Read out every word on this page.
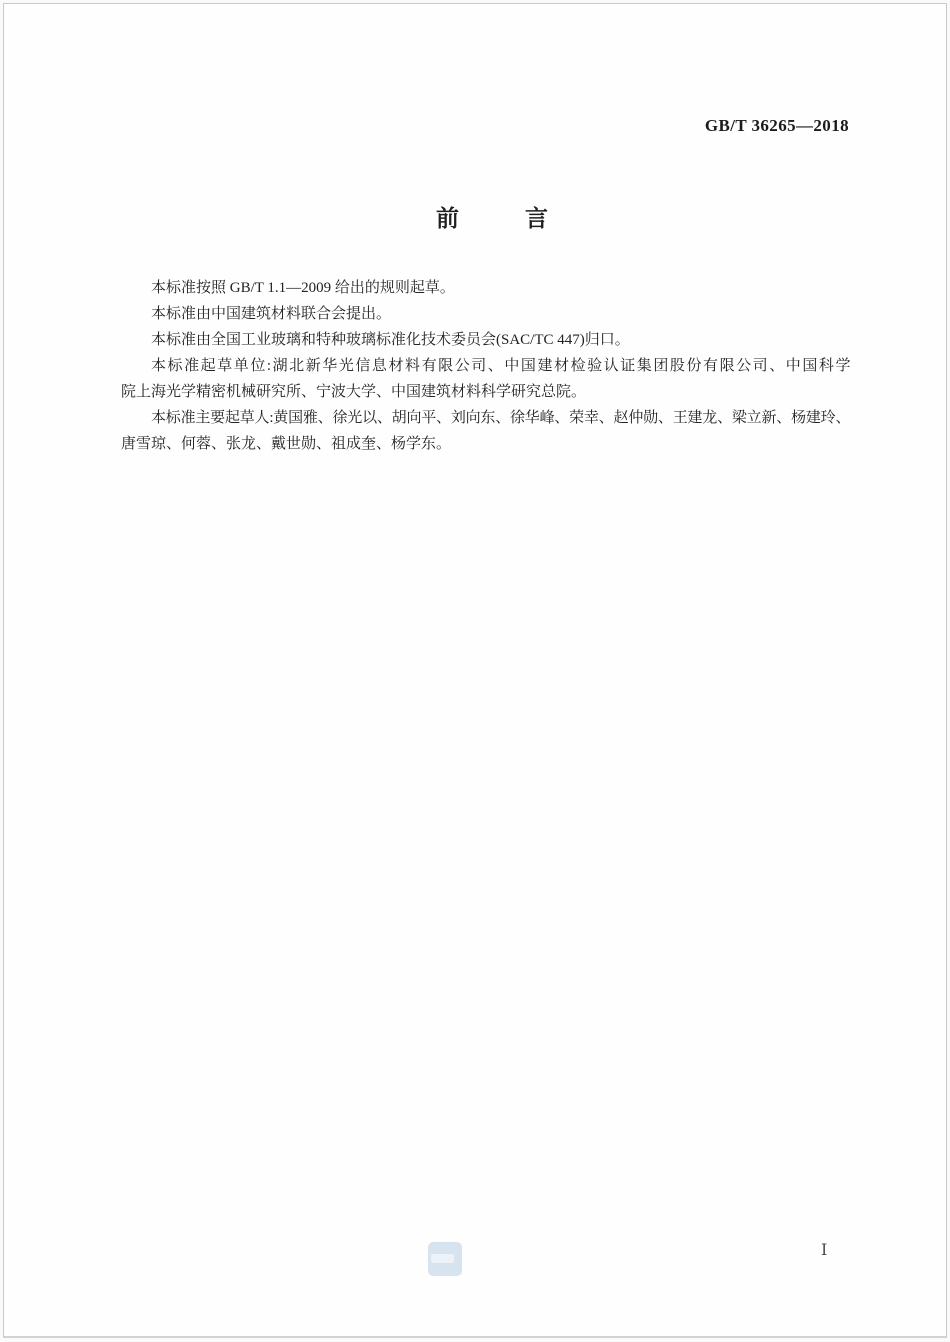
GB/T 36265—2018
前	言
本标准按照 GB/T 1.1—2009 给出的规则起草。
本标准由中国建筑材料联合会提出。
本标准由全国工业玻璃和特种玻璃标准化技术委员会(SAC/TC 447)归口。
本标准起草单位:湖北新华光信息材料有限公司、中国建材检验认证集团股份有限公司、中国科学
院上海光学精密机械研究所、宁波大学、中国建筑材料科学研究总院。
本标准主要起草人:黄国雅、徐光以、胡向平、刘向东、徐华峰、荣幸、赵仲勋、王建龙、梁立新、杨建玲、
唐雪琼、何蓉、张龙、戴世勋、祖成奎、杨学东。
Ⅰ
